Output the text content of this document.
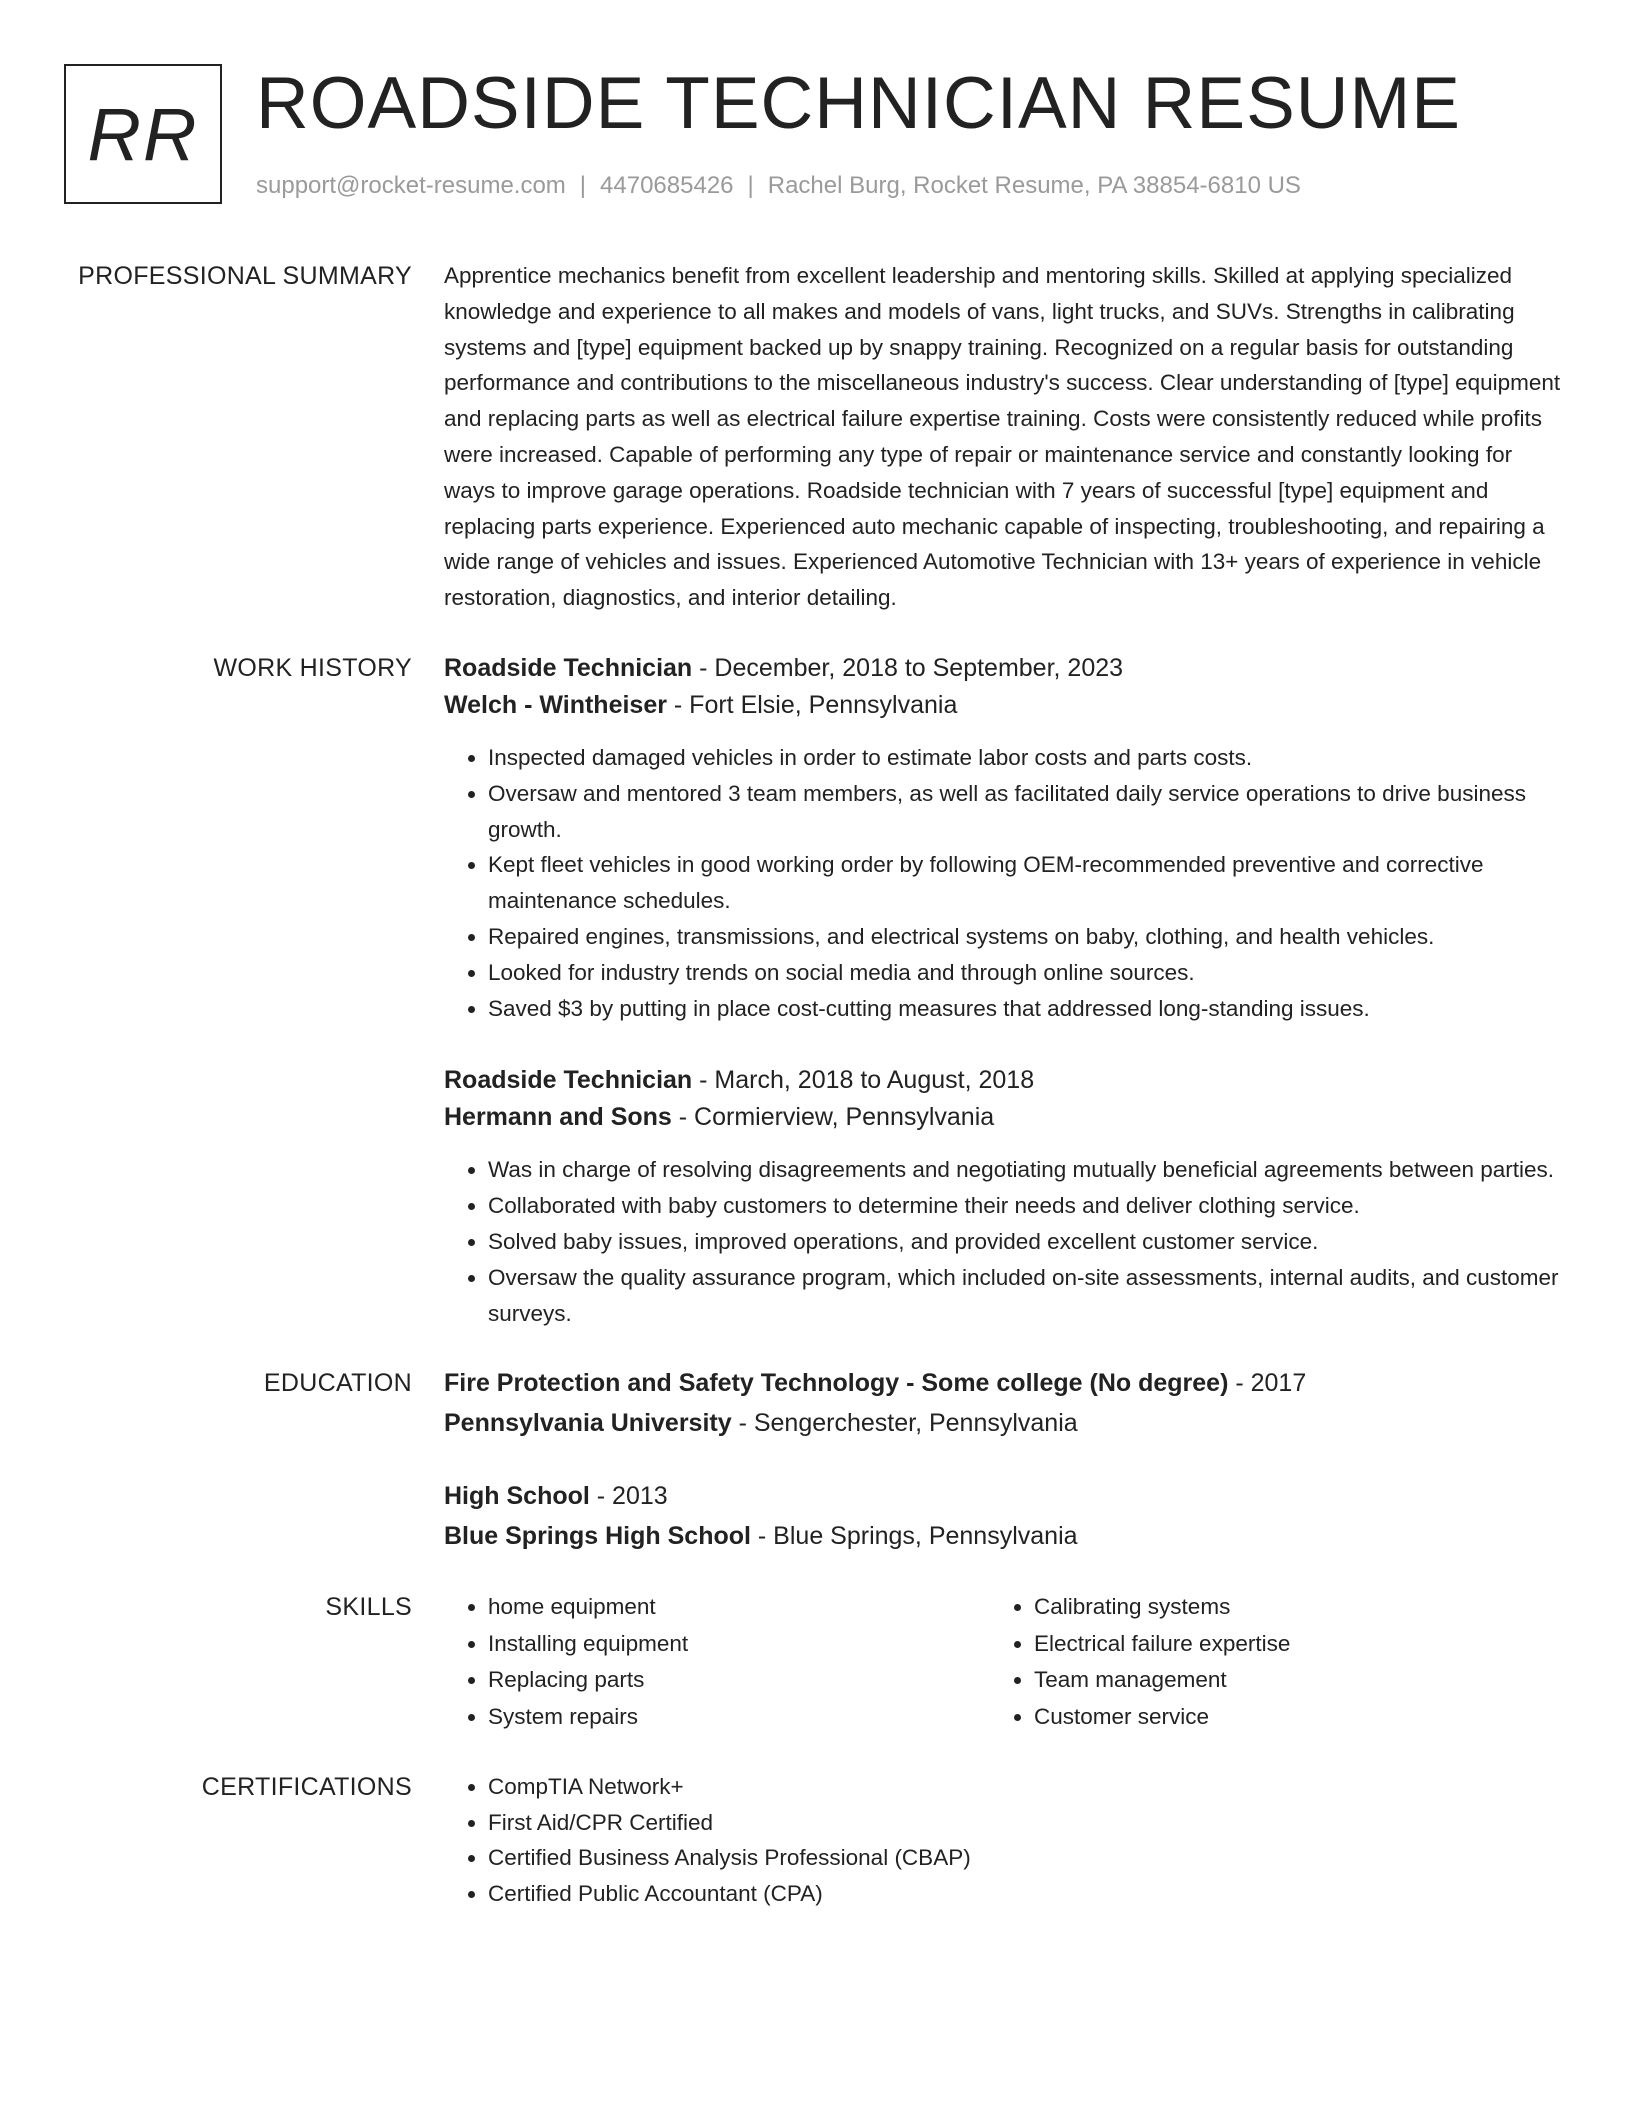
RR ROADSIDE TECHNICIAN RESUME
support@rocket-resume.com | 4470685426 | Rachel Burg, Rocket Resume, PA 38854-6810 US
PROFESSIONAL SUMMARY Apprentice mechanics benefit from excellent leadership and mentoring skills. Skilled at applying specialized knowledge and experience to all makes and models of vans, light trucks, and SUVs. Strengths in calibrating systems and [type] equipment backed up by snappy training. Recognized on a regular basis for outstanding performance and contributions to the miscellaneous industry's success. Clear understanding of [type] equipment and replacing parts as well as electrical failure expertise training. Costs were consistently reduced while profits were increased. Capable of performing any type of repair or maintenance service and constantly looking for ways to improve garage operations. Roadside technician with 7 years of successful [type] equipment and replacing parts experience. Experienced auto mechanic capable of inspecting, troubleshooting, and repairing a wide range of vehicles and issues. Experienced Automotive Technician with 13+ years of experience in vehicle restoration, diagnostics, and interior detailing.

WORK HISTORY Roadside Technician - December, 2018 to September, 2023
Welch - Wintheiser - Fort Elsie, Pennsylvania
• Inspected damaged vehicles in order to estimate labor costs and parts costs.
• Oversaw and mentored 3 team members, as well as facilitated daily service operations to drive business growth.
• Kept fleet vehicles in good working order by following OEM-recommended preventive and corrective maintenance schedules.
• Repaired engines, transmissions, and electrical systems on baby, clothing, and health vehicles.
• Looked for industry trends on social media and through online sources.
• Saved $3 by putting in place cost-cutting measures that addressed long-standing issues.
Roadside Technician - March, 2018 to August, 2018
Hermann and Sons - Cormierview, Pennsylvania
• Was in charge of resolving disagreements and negotiating mutually beneficial agreements between parties.
• Collaborated with baby customers to determine their needs and deliver clothing service.
• Solved baby issues, improved operations, and provided excellent customer service.
• Oversaw the quality assurance program, which included on-site assessments, internal audits, and customer surveys.
EDUCATION Fire Protection and Safety Technology - Some college (No degree) - 2017
Pennsylvania University - Sengerchester, Pennsylvania
High School - 2013
Blue Springs High School - Blue Springs, Pennsylvania
SKILLS	• home equipment
• Installing equipment
• Replacing parts
• System repairs
• Calibrating systems
• Electrical failure expertise
• Team management
• Customer service
CERTIFICATIONS	• CompTIA Network+
• First Aid/CPR Certified
• Certified Business Analysis Professional (CBAP)
• Certified Public Accountant (CPA)
